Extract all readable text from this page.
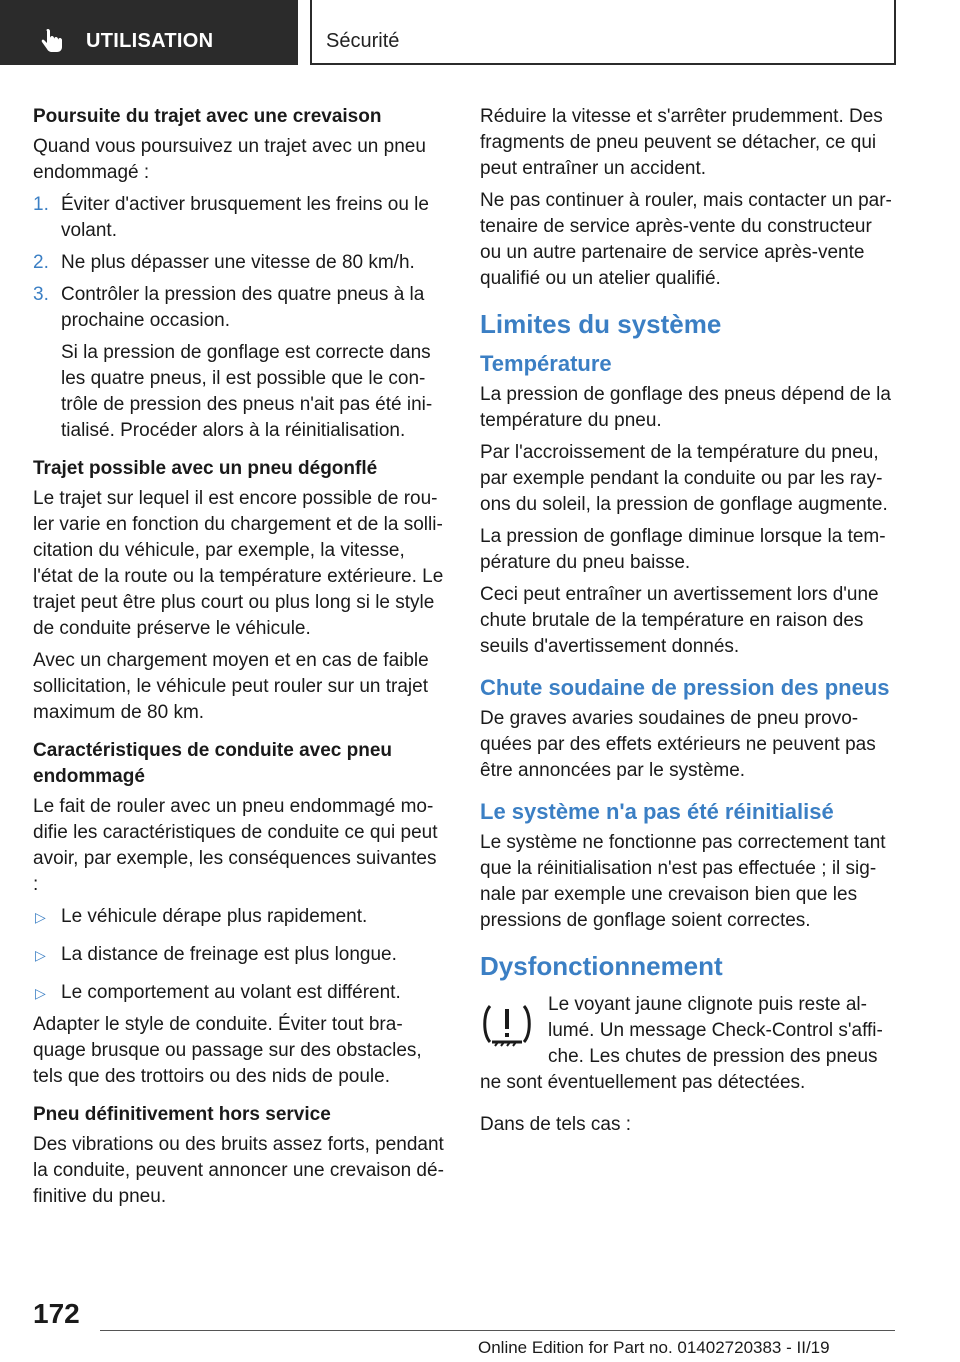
UTILISATION	Sécurité

Poursuite du trajet avec une crevaison

Quand vous poursuivez un trajet avec un pneu endommagé :

1. Éviter d'activer brusquement les freins ou le volant.
2. Ne plus dépasser une vitesse de 80 km/h.
3. Contrôler la pression des quatre pneus à la prochaine occasion.

Si la pression de gonflage est correcte dans les quatre pneus, il est possible que le con-trôle de pression des pneus n'ait pas été ini-tialisé. Procéder alors à la réinitialisation.

Trajet possible avec un pneu dégonflé

Le trajet sur lequel il est encore possible de rou-ler varie en fonction du chargement et de la solli-citation du véhicule, par exemple, la vitesse, l'état de la route ou la température extérieure. Le trajet peut être plus court ou plus long si le style de conduite préserve le véhicule.

Avec un chargement moyen et en cas de faible sollicitation, le véhicule peut rouler sur un trajet maximum de 80 km.

Caractéristiques de conduite avec pneu endommagé

Le fait de rouler avec un pneu endommagé mo-difie les caractéristiques de conduite ce qui peut avoir, par exemple, les conséquences suivantes :

▷ Le véhicule dérape plus rapidement.
▷ La distance de freinage est plus longue.
▷ Le comportement au volant est différent.

Adapter le style de conduite. Éviter tout bra-quage brusque ou passage sur des obstacles, tels que des trottoirs ou des nids de poule.

Pneu définitivement hors service

Des vibrations ou des bruits assez forts, pendant la conduite, peuvent annoncer une crevaison dé-finitive du pneu.

Réduire la vitesse et s'arrêter prudemment. Des fragments de pneu peuvent se détacher, ce qui peut entraîner un accident.

Ne pas continuer à rouler, mais contacter un par-tenaire de service après-vente du constructeur ou un autre partenaire de service après-vente qualifié ou un atelier qualifié.

Limites du système
Température

La pression de gonflage des pneus dépend de la température du pneu.

Par l'accroissement de la température du pneu, par exemple pendant la conduite ou par les ray-ons du soleil, la pression de gonflage augmente.

La pression de gonflage diminue lorsque la tem-pérature du pneu baisse.

Ceci peut entraîner un avertissement lors d'une chute brutale de la température en raison des seuils d'avertissement donnés.

Chute soudaine de pression des pneus

De graves avaries soudaines de pneu provo-quées par des effets extérieurs ne peuvent pas être annoncées par le système.

Le système n'a pas été réinitialisé

Le système ne fonctionne pas correctement tant que la réinitialisation n'est pas effectuée ; il sig-nale par exemple une crevaison bien que les pressions de gonflage soient correctes.

Dysfonctionnement

Le voyant jaune clignote puis reste al-lumé. Un message Check-Control s'affi-che. Les chutes de pression des pneus ne sont éventuellement pas détectées.

Dans de tels cas :

172
Online Edition for Part no. 01402720383 - II/19
